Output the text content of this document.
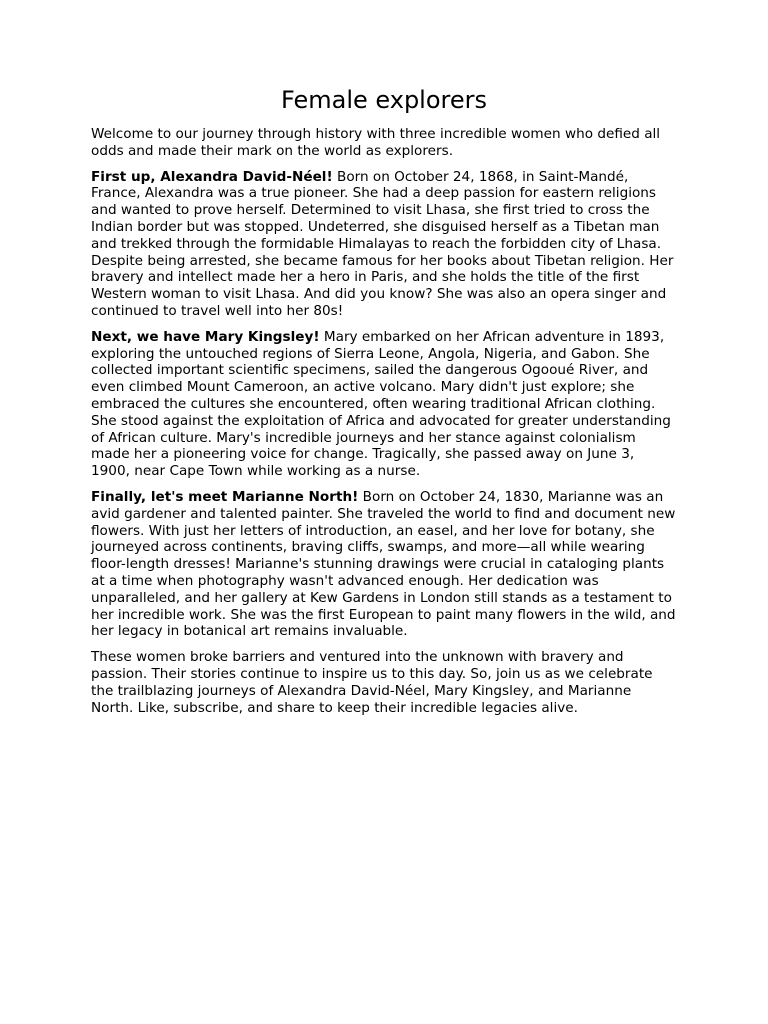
Female explorers

Welcome to our journey through history with three incredible women who defied all odds and made their mark on the world as explorers.

First up, Alexandra David-Néel! Born on October 24, 1868, in Saint-Mandé, France, Alexandra was a true pioneer. She had a deep passion for eastern religions and wanted to prove herself. Determined to visit Lhasa, she first tried to cross the Indian border but was stopped. Undeterred, she disguised herself as a Tibetan man and trekked through the formidable Himalayas to reach the forbidden city of Lhasa. Despite being arrested, she became famous for her books about Tibetan religion. Her bravery and intellect made her a hero in Paris, and she holds the title of the first Western woman to visit Lhasa. And did you know? She was also an opera singer and continued to travel well into her 80s!

Next, we have Mary Kingsley! Mary embarked on her African adventure in 1893, exploring the untouched regions of Sierra Leone, Angola, Nigeria, and Gabon. She collected important scientific specimens, sailed the dangerous Ogooué River, and even climbed Mount Cameroon, an active volcano. Mary didn't just explore; she embraced the cultures she encountered, often wearing traditional African clothing. She stood against the exploitation of Africa and advocated for greater understanding of African culture. Mary's incredible journeys and her stance against colonialism made her a pioneering voice for change. Tragically, she passed away on June 3, 1900, near Cape Town while working as a nurse.

Finally, let's meet Marianne North! Born on October 24, 1830, Marianne was an avid gardener and talented painter. She traveled the world to find and document new flowers. With just her letters of introduction, an easel, and her love for botany, she journeyed across continents, braving cliffs, swamps, and more—all while wearing floor-length dresses! Marianne's stunning drawings were crucial in cataloging plants at a time when photography wasn't advanced enough. Her dedication was unparalleled, and her gallery at Kew Gardens in London still stands as a testament to her incredible work. She was the first European to paint many flowers in the wild, and her legacy in botanical art remains invaluable.

These women broke barriers and ventured into the unknown with bravery and passion. Their stories continue to inspire us to this day. So, join us as we celebrate the trailblazing journeys of Alexandra David-Néel, Mary Kingsley, and Marianne North. Like, subscribe, and share to keep their incredible legacies alive.
